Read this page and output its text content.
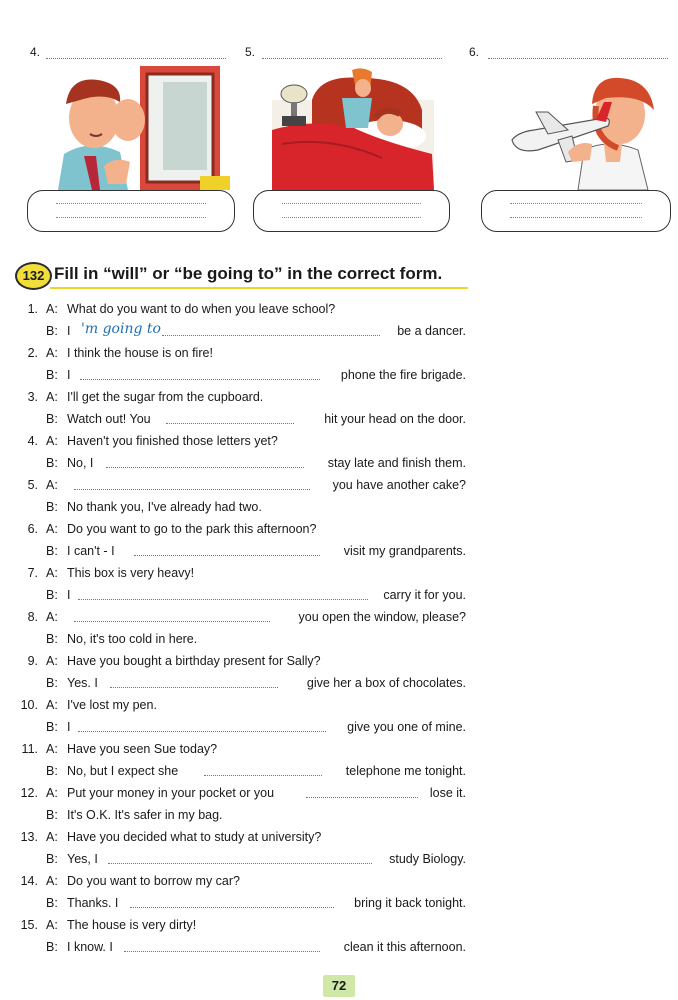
4.	5.	6.
132 Fill in “will” or “be going to” in the correct form.
1. A: What do you want to do when you leave school?
B: I 'm going to	be a dancer.
2. A: I think the house is on fire!
B: I	phone the fire brigade.
3. A: I'll get the sugar from the cupboard.
B: Watch out! You	hit your head on the door.
4. A: Haven't you finished those letters yet?
B: No, I	stay late and finish them.
5. A:	you have another cake?
B: No thank you, I've already had two.
6. A: Do you want to go to the park this afternoon?
B: I can't - I	visit my grandparents.
7. A: This box is very heavy!
B: I	carry it for you.
8. A:	you open the window, please?
B: No, it's too cold in here.
9. A: Have you bought a birthday present for Sally?
B: Yes. I	give her a box of chocolates.
10. A: I've lost my pen.
B: I	give you one of mine.
11. A: Have you seen Sue today?
B: No, but I expect she	telephone me tonight.
12. A: Put your money in your pocket or you	lose it.
B: It's O.K. It's safer in my bag.
13. A: Have you decided what to study at university?
B: Yes, I	study Biology.
14. A: Do you want to borrow my car?
B: Thanks. I	bring it back tonight.
15. A: The house is very dirty!
B: I know. I	clean it this afternoon.
72
